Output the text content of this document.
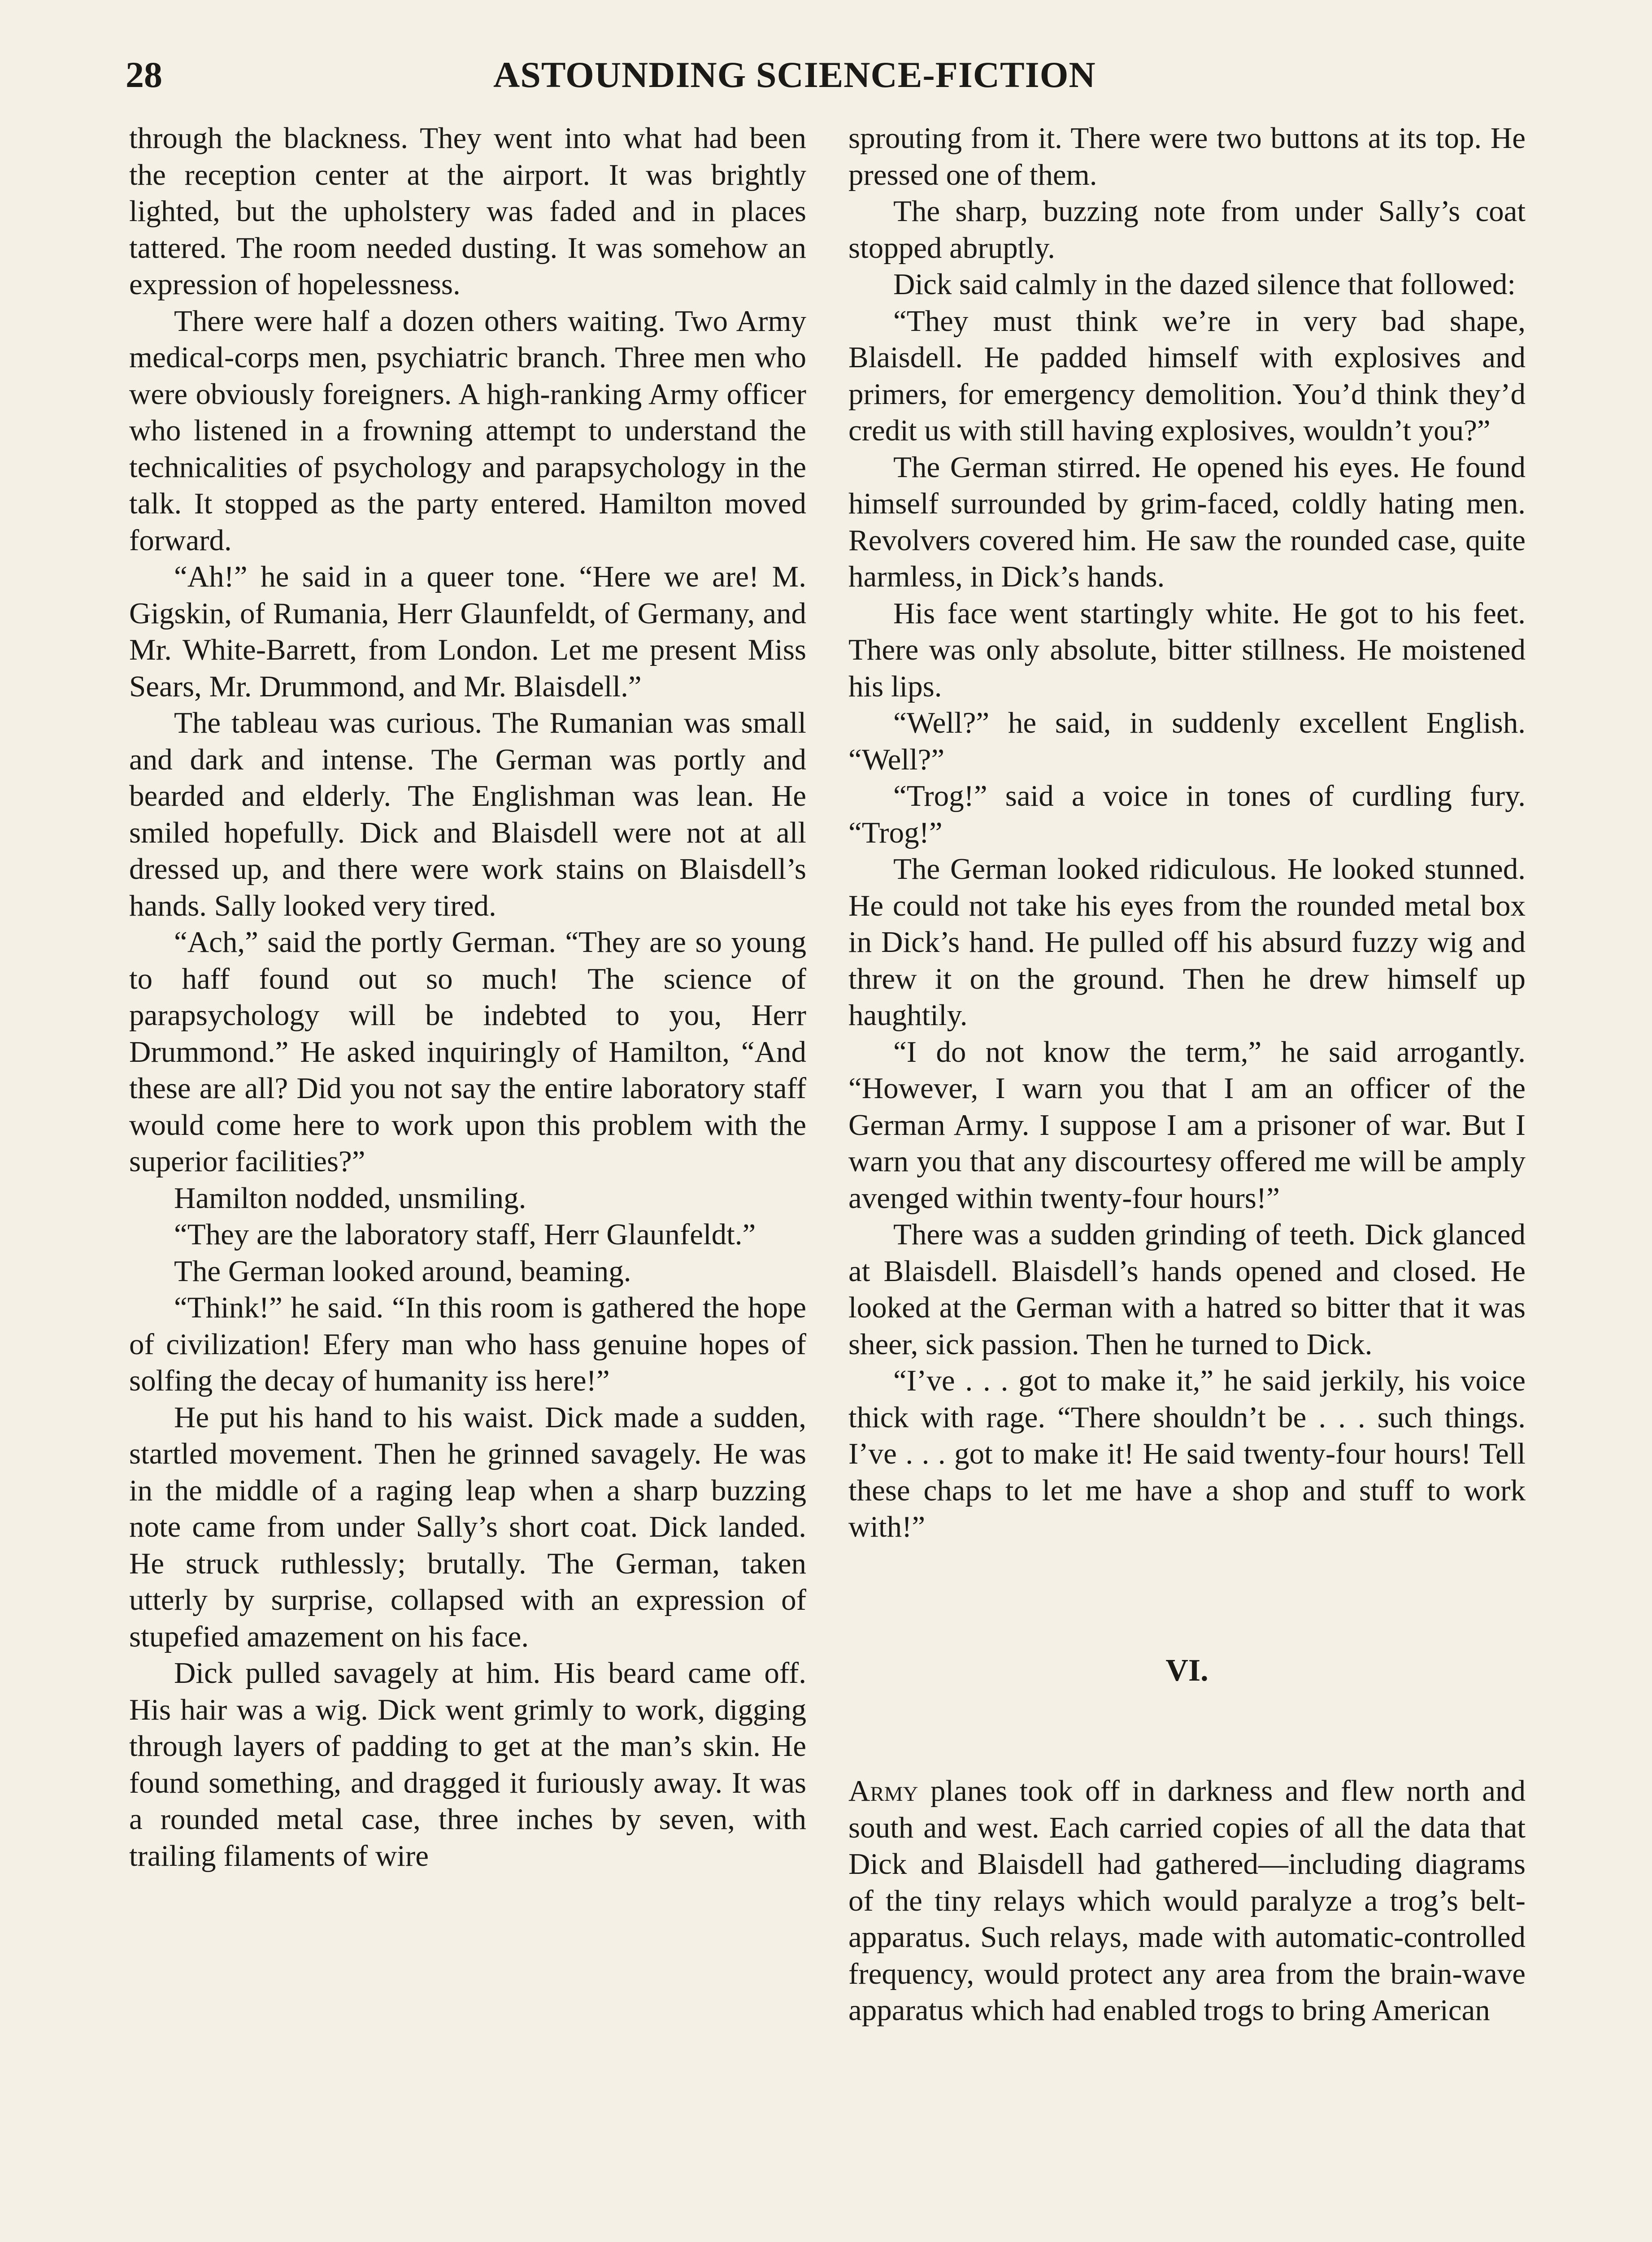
28	ASTOUNDING SCIENCE-FICTION

through the blackness. They went into what had been the reception center at the airport. It was brightly lighted, but the upholstery was faded and in places tattered. The room needed dusting. It was somehow an expression of hopelessness.

There were half a dozen others waiting. Two Army medical-corps men, psychiatric branch. Three men who were obviously foreigners. A high-ranking Army officer who listened in a frowning attempt to understand the technicalities of psychology and parapsychology in the talk. It stopped as the party entered. Hamilton moved forward.

“Ah!” he said in a queer tone. “Here we are! M. Gigskin, of Rumania, Herr Glaunfeldt, of Germany, and Mr. White-Barrett, from London. Let me present Miss Sears, Mr. Drummond, and Mr. Blaisdell.”

The tableau was curious. The Rumanian was small and dark and intense. The German was portly and bearded and elderly. The Englishman was lean. He smiled hopefully. Dick and Blaisdell were not at all dressed up, and there were work stains on Blaisdell’s hands. Sally looked very tired.

“Ach,” said the portly German. “They are so young to haff found out so much! The science of parapsychology will be indebted to you, Herr Drummond.” He asked inquiringly of Hamilton, “And these are all? Did you not say the entire laboratory staff would come here to work upon this problem with the superior facilities?”

Hamilton nodded, unsmiling.

“They are the laboratory staff, Herr Glaunfeldt.”

The German looked around, beaming.

“Think!” he said. “In this room is gathered the hope of civilization! Efery man who hass genuine hopes of solfing the decay of humanity iss here!”

He put his hand to his waist. Dick made a sudden, startled movement. Then he grinned savagely. He was in the middle of a raging leap when a sharp buzzing note came from under Sally’s short coat. Dick landed. He struck ruthlessly; brutally. The German, taken utterly by surprise, collapsed with an expression of stupefied amazement on his face.

Dick pulled savagely at him. His beard came off. His hair was a wig. Dick went grimly to work, digging through layers of padding to get at the man’s skin. He found something, and dragged it furiously away. It was a rounded metal case, three inches by seven, with trailing filaments of wire

sprouting from it. There were two buttons at its top. He pressed one of them.

The sharp, buzzing note from under Sally’s coat stopped abruptly.

Dick said calmly in the dazed silence that followed:

“They must think we’re in very bad shape, Blaisdell. He padded himself with explosives and primers, for emergency demolition. You’d think they’d credit us with still having explosives, wouldn’t you?”

The German stirred. He opened his eyes. He found himself surrounded by grim-faced, coldly hating men. Revolvers covered him. He saw the rounded case, quite harmless, in Dick’s hands.

His face went startingly white. He got to his feet. There was only absolute, bitter stillness. He moistened his lips.

“Well?” he said, in suddenly excellent English. “Well?”

“Trog!” said a voice in tones of curdling fury. “Trog!”

The German looked ridiculous. He looked stunned. He could not take his eyes from the rounded metal box in Dick’s hand. He pulled off his absurd fuzzy wig and threw it on the ground. Then he drew himself up haughtily.

“I do not know the term,” he said arrogantly. “However, I warn you that I am an officer of the German Army. I suppose I am a prisoner of war. But I warn you that any discourtesy offered me will be amply avenged within twenty-four hours!”

There was a sudden grinding of teeth. Dick glanced at Blaisdell. Blaisdell’s hands opened and closed. He looked at the German with a hatred so bitter that it was sheer, sick passion. Then he turned to Dick.

“I’ve . . . got to make it,” he said jerkily, his voice thick with rage. “There shouldn’t be . . . such things. I’ve . . . got to make it! He said twenty-four hours! Tell these chaps to let me have a shop and stuff to work with!”

VI.

Army planes took off in darkness and flew north and south and west. Each carried copies of all the data that Dick and Blaisdell had gathered—including diagrams of the tiny relays which would paralyze a trog’s belt-apparatus. Such relays, made with automatic-controlled frequency, would protect any area from the brain-wave apparatus which had enabled trogs to bring American
